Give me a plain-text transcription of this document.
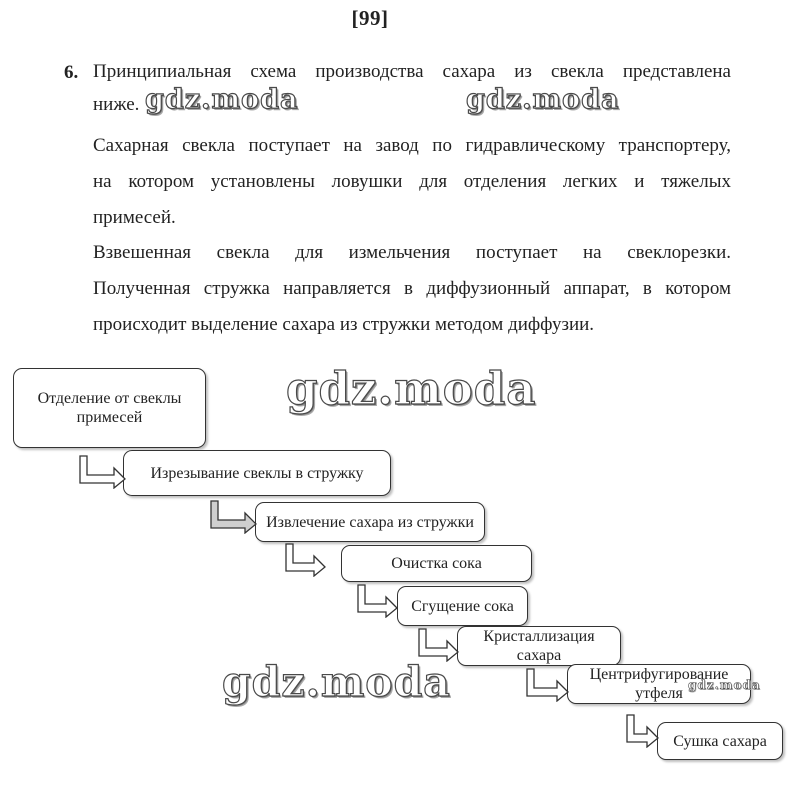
[99]
6. Принципиальная схема производства сахара из свекла представлена
ниже.
Сахарная свекла поступает на завод по гидравлическому транспортеру,
на котором установлены ловушки для отделения легких и тяжелых
примесей.
Взвешенная свекла для измельчения поступает на свеклорезки.
Полученная стружка направляется в диффузионный аппарат, в котором
происходит выделение сахара из стружки методом диффузии.
gdz.moda	gdz.moda
gdz.moda
gdz.moda
Отделение от свеклы примесей
Изрезывание свеклы в стружку
Извлечение сахара из стружки
Очистка сока
Сгущение сока
Кристаллизация сахара
Центрифугирование утфеля
Сушка сахара
gdz.moda
